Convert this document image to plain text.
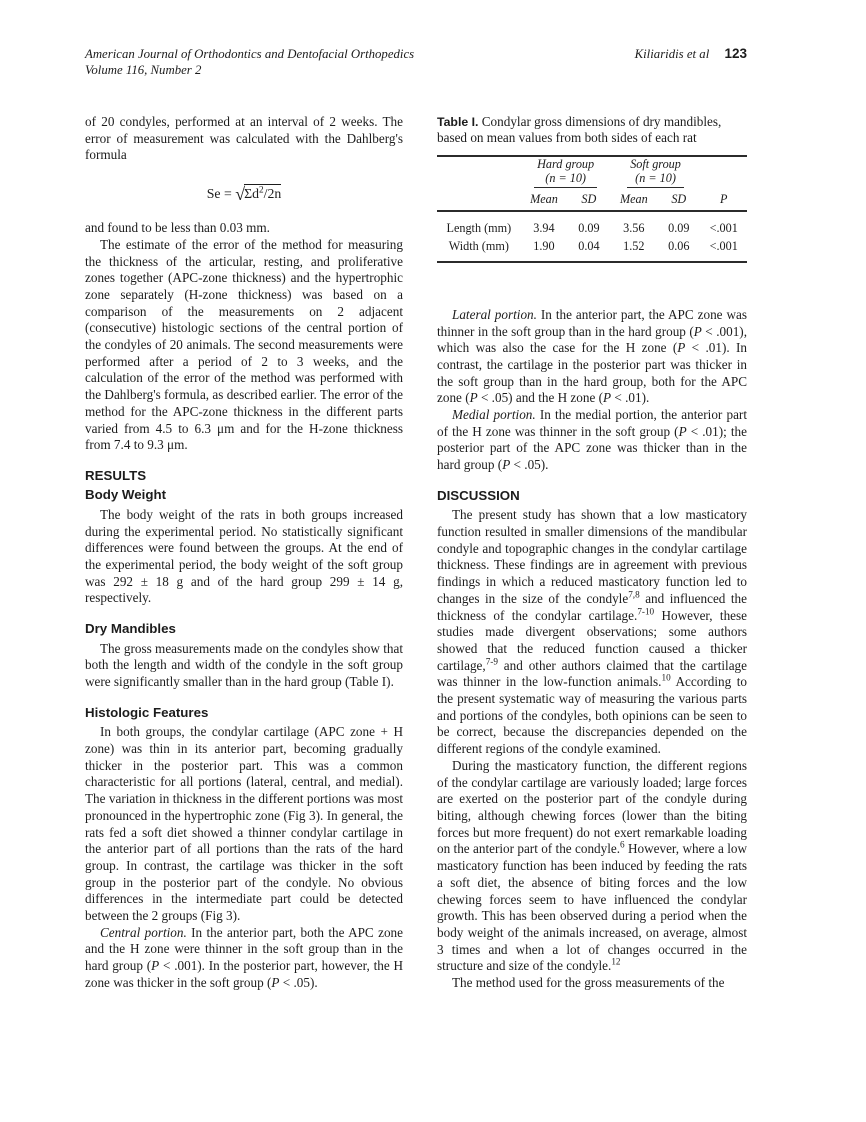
American Journal of Orthodontics and Dentofacial Orthopedics
Volume 116, Number 2
Kiliaridis et al 123

of 20 condyles, performed at an interval of 2 weeks. The error of measurement was calculated with the Dahlberg's formula

$Se = √\Sigma d^2/2n$

and found to be less than 0.03 mm.

The estimate of the error of the method for measuring the thickness of the articular, resting, and proliferative zones together (APC-zone thickness) and the hypertrophic zone separately (H-zone thickness) was based on a comparison of the measurements on 2 adjacent (consecutive) histologic sections of the central portion of the condyles of 20 animals. The second measurements were performed after a period of 2 to 3 weeks, and the calculation of the error of the method was performed with the Dahlberg's formula, as described earlier. The error of the method for the APC-zone thickness in the different parts varied from 4.5 to 6.3 μm and for the H-zone thickness from 7.4 to 9.3 μm.

RESULTS
Body Weight

The body weight of the rats in both groups increased during the experimental period. No statistically significant differences were found between the groups. At the end of the experimental period, the body weight of the soft group was 292 ± 18 g and of the hard group 299 ± 14 g, respectively.

Dry Mandibles

The gross measurements made on the condyles show that both the length and width of the condyle in the soft group were significantly smaller than in the hard group (Table I).

Histologic Features

In both groups, the condylar cartilage (APC zone + H zone) was thin in its anterior part, becoming gradually thicker in the posterior part. This was a common characteristic for all portions (lateral, central, and medial). The variation in thickness in the different portions was most pronounced in the hypertrophic zone (Fig 3). In general, the rats fed a soft diet showed a thinner condylar cartilage in the anterior part of all portions than the rats of the hard group. In contrast, the cartilage was thicker in the soft group in the posterior part of the condyle. No obvious differences in the intermediate part could be detected between the 2 groups (Fig 3).

Central portion. In the anterior part, both the APC zone and the H zone were thinner in the soft group than in the hard group (P < .001). In the posterior part, however, the H zone was thicker in the soft group (P < .05).

Table I. Condylar gross dimensions of dry mandibles, based on mean values from both sides of each rat

Hard group
(n = 10)

Soft group
(n = 10)

	Mean	SD	Mean	SD	P
Length (mm)	3.94	0.09	3.56	0.09	<.001
Width (mm)	1.90	0.04	1.52	0.06	<.001

Lateral portion. In the anterior part, the APC zone was thinner in the soft group than in the hard group (P < .001), which was also the case for the H zone (P < .01). In contrast, the cartilage in the posterior part was thicker in the soft group than in the hard group, both for the APC zone (P < .05) and the H zone (P < .01).

Medial portion. In the medial portion, the anterior part of the H zone was thinner in the soft group (P < .01); the posterior part of the APC zone was thicker than in the hard group (P < .05).

DISCUSSION

The present study has shown that a low masticatory function resulted in smaller dimensions of the mandibular condyle and topographic changes in the condylar cartilage thickness. These findings are in agreement with previous findings in which a reduced masticatory function led to changes in the size of the condyle$^{7,8}$ and influenced the thickness of the condylar cartilage.$^{7-10}$ However, these studies made divergent observations; some authors showed that the reduced function caused a thicker cartilage,$^{7-9}$ and other authors claimed that the cartilage was thinner in the low-function animals.$^{10}$ According to the present systematic way of measuring the various parts and portions of the condyles, both opinions can be seen to be correct, because the discrepancies depended on the different regions of the condyle examined.

During the masticatory function, the different regions of the condylar cartilage are variously loaded; large forces are exerted on the posterior part of the condyle during biting, although chewing forces (lower than the biting forces but more frequent) do not exert remarkable loading on the anterior part of the condyle.$^6$ However, where a low masticatory function has been induced by feeding the rats a soft diet, the absence of biting forces and the low chewing forces seem to have influenced the condylar growth. This has been observed during a period when the body weight of the animals increased, on average, almost 3 times and when a lot of changes occurred in the structure and size of the condyle.$^{12}$

The method used for the gross measurements of the
